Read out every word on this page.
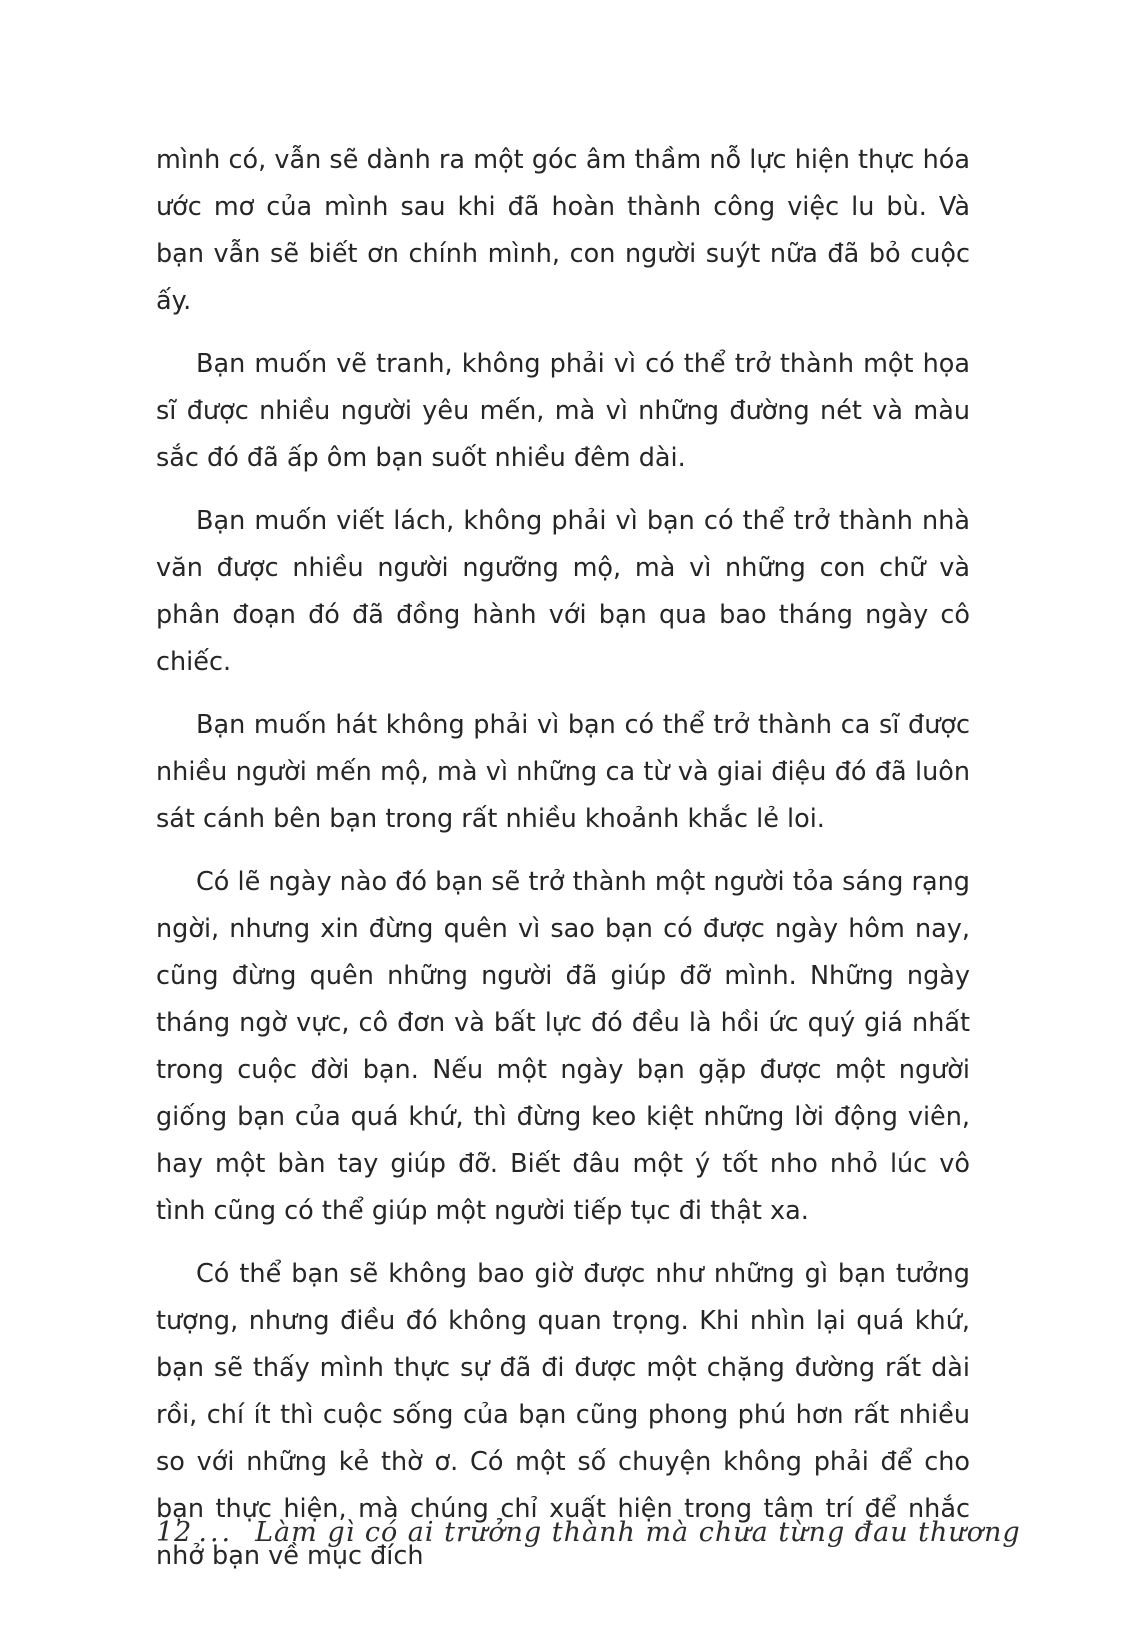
mình có, vẫn sẽ dành ra một góc âm thầm nỗ lực hiện thực hóa ước mơ của mình sau khi đã hoàn thành công việc lu bù. Và bạn vẫn sẽ biết ơn chính mình, con người suýt nữa đã bỏ cuộc ấy.

Bạn muốn vẽ tranh, không phải vì có thể trở thành một họa sĩ được nhiều người yêu mến, mà vì những đường nét và màu sắc đó đã ấp ôm bạn suốt nhiều đêm dài.

Bạn muốn viết lách, không phải vì bạn có thể trở thành nhà văn được nhiều người ngưỡng mộ, mà vì những con chữ và phân đoạn đó đã đồng hành với bạn qua bao tháng ngày cô chiếc.

Bạn muốn hát không phải vì bạn có thể trở thành ca sĩ được nhiều người mến mộ, mà vì những ca từ và giai điệu đó đã luôn sát cánh bên bạn trong rất nhiều khoảnh khắc lẻ loi.

Có lẽ ngày nào đó bạn sẽ trở thành một người tỏa sáng rạng ngời, nhưng xin đừng quên vì sao bạn có được ngày hôm nay, cũng đừng quên những người đã giúp đỡ mình. Những ngày tháng ngờ vực, cô đơn và bất lực đó đều là hồi ức quý giá nhất trong cuộc đời bạn. Nếu một ngày bạn gặp được một người giống bạn của quá khứ, thì đừng keo kiệt những lời động viên, hay một bàn tay giúp đỡ. Biết đâu một ý tốt nho nhỏ lúc vô tình cũng có thể giúp một người tiếp tục đi thật xa.

Có thể bạn sẽ không bao giờ được như những gì bạn tưởng tượng, nhưng điều đó không quan trọng. Khi nhìn lại quá khứ, bạn sẽ thấy mình thực sự đã đi được một chặng đường rất dài rồi, chí ít thì cuộc sống của bạn cũng phong phú hơn rất nhiều so với những kẻ thờ ơ. Có một số chuyện không phải để cho bạn thực hiện, mà chúng chỉ xuất hiện trong tâm trí để nhắc nhở bạn về mục đích

12 ... Làm gì có ai trưởng thành mà chưa từng đau thương
